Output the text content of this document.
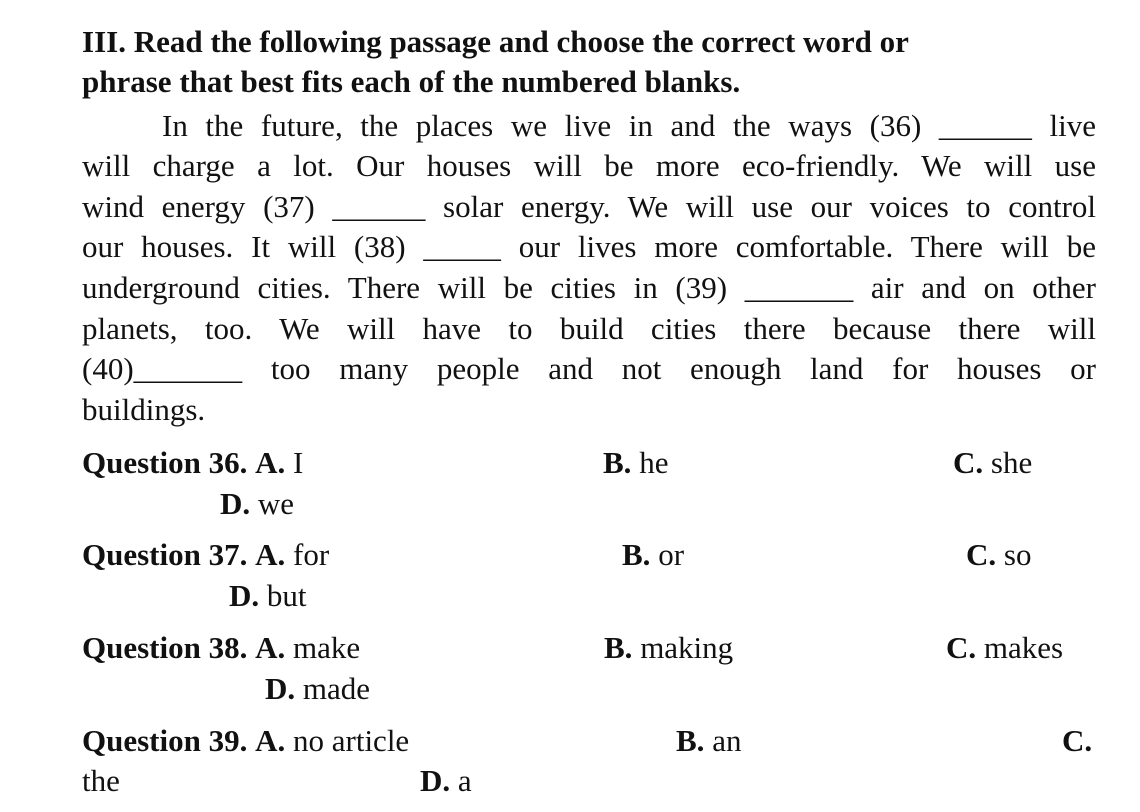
III. Read the following passage and choose the correct word or
phrase that best fits each of the numbered blanks.
In the future, the places we live in and the ways (36) ______ live
will charge a lot. Our houses will be more eco-friendly. We will use
wind energy (37) ______ solar energy. We will use our voices to control
our houses. It will (38) _____ our lives more comfortable. There will be
underground cities. There will be cities in (39) _______ air and on other
planets, too. We will have to build cities there because there will
(40)_______ too many people and not enough land for houses or
buildings.
Question 36. A. I	B. he	C. she
D. we
Question 37. A. for	B. or	C. so
D. but
Question 38. A. make	B. making	C. makes
D. made
Question 39. A. no article	B. an	C.
the	D. a
